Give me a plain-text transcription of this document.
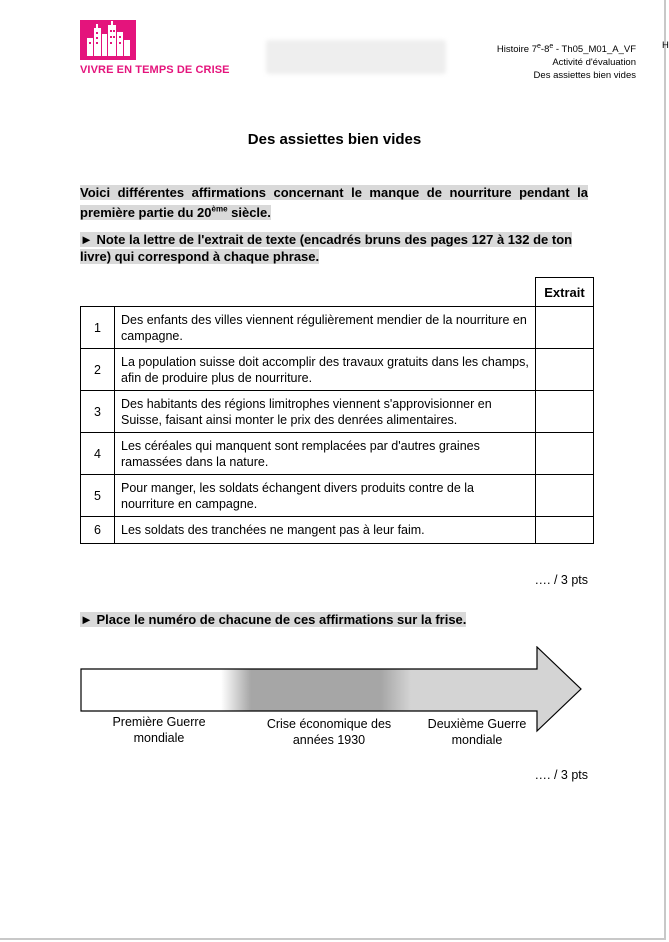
VIVRE EN TEMPS DE CRISE
Histoire 7e-8e - Th05_M01_A_VF
Activité d'évaluation
Des assiettes bien vides
H
Des assiettes bien vides
Voici différentes affirmations concernant le manque de nourriture pendant la première partie du 20ème siècle.
► Note la lettre de l'extrait de texte (encadrés bruns des pages 127 à 132 de ton livre) qui correspond à chaque phrase.
		Extrait
1	Des enfants des villes viennent régulièrement mendier de la nourriture en campagne.	
2	La population suisse doit accomplir des travaux gratuits dans les champs, afin de produire plus de nourriture.	
3	Des habitants des régions limitrophes viennent s'approvisionner en Suisse, faisant ainsi monter le prix des denrées alimentaires.	
4	Les céréales qui manquent sont remplacées par d'autres graines ramassées dans la nature.	
5	Pour manger, les soldats échangent divers produits contre de la nourriture en campagne.	
6	Les soldats des tranchées ne mangent pas à leur faim.	
…. / 3 pts
► Place le numéro de chacune de ces affirmations sur la frise.
Première Guerre
mondiale
Crise économique des
années 1930
Deuxième Guerre
mondiale
…. / 3 pts
